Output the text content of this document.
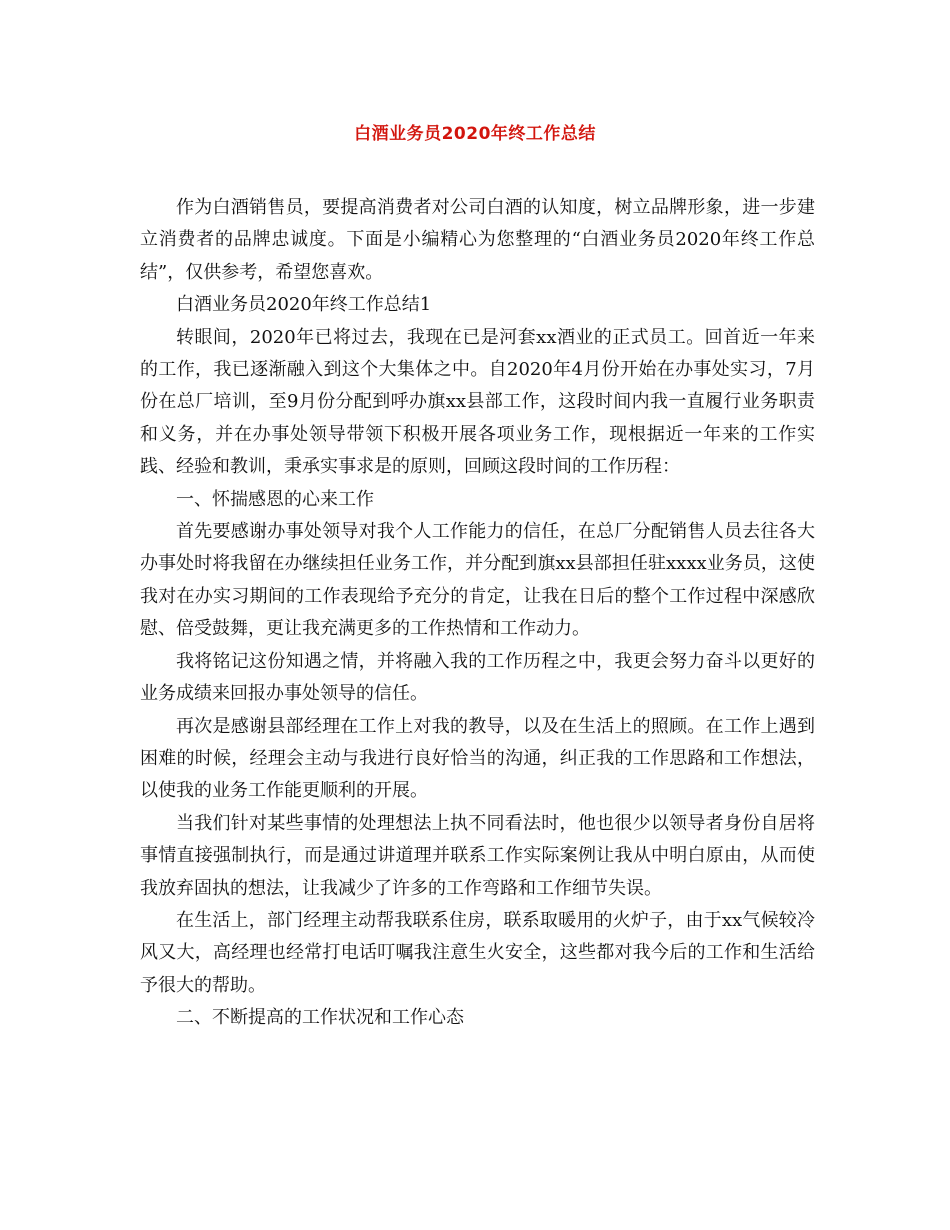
白酒业务员2020年终工作总结

作为白酒销售员，要提高消费者对公司白酒的认知度，树立品牌形象，进一步建立消费者的品牌忠诚度。下面是小编精心为您整理的“白酒业务员2020年终工作总结”，仅供参考，希望您喜欢。

白酒业务员2020年终工作总结1

转眼间，2020年已将过去，我现在已是河套xx酒业的正式员工。回首近一年来的工作，我已逐渐融入到这个大集体之中。自2020年4月份开始在办事处实习，7月份在总厂培训，至9月份分配到呼办旗xx县部工作，这段时间内我一直履行业务职责和义务，并在办事处领导带领下积极开展各项业务工作，现根据近一年来的工作实践、经验和教训，秉承实事求是的原则，回顾这段时间的工作历程：

一、怀揣感恩的心来工作

首先要感谢办事处领导对我个人工作能力的信任，在总厂分配销售人员去往各大办事处时将我留在办继续担任业务工作，并分配到旗xx县部担任驻xxxx业务员，这使我对在办实习期间的工作表现给予充分的肯定，让我在日后的整个工作过程中深感欣慰、倍受鼓舞，更让我充满更多的工作热情和工作动力。

我将铭记这份知遇之情，并将融入我的工作历程之中，我更会努力奋斗以更好的业务成绩来回报办事处领导的信任。

再次是感谢县部经理在工作上对我的教导，以及在生活上的照顾。在工作上遇到困难的时候，经理会主动与我进行良好恰当的沟通，纠正我的工作思路和工作想法，以使我的业务工作能更顺利的开展。

当我们针对某些事情的处理想法上执不同看法时，他也很少以领导者身份自居将事情直接强制执行，而是通过讲道理并联系工作实际案例让我从中明白原由，从而使我放弃固执的想法，让我减少了许多的工作弯路和工作细节失误。

在生活上，部门经理主动帮我联系住房，联系取暖用的火炉子，由于xx气候较冷风又大，高经理也经常打电话叮嘱我注意生火安全，这些都对我今后的工作和生活给予很大的帮助。

二、不断提高的工作状况和工作心态
